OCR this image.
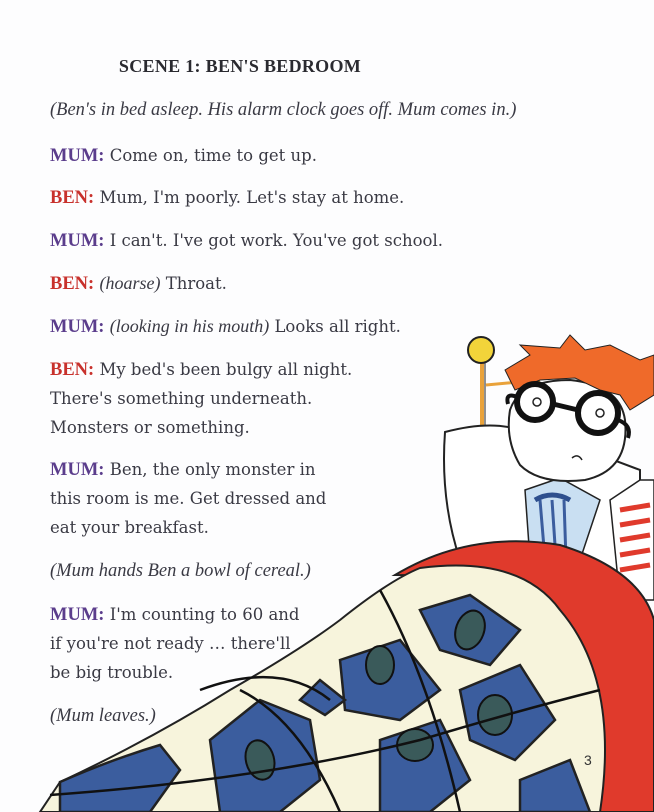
SCENE 1: BEN'S BEDROOM
(Ben's in bed asleep. His alarm clock goes off. Mum comes in.)
MUM: Come on, time to get up.
BEN: Mum, I'm poorly. Let's stay at home.
MUM: I can't. I've got work. You've got school.
BEN: (hoarse) Throat.
MUM: (looking in his mouth) Looks all right.
BEN: My bed's been bulgy all night.
There's something underneath.
Monsters or something.
MUM: Ben, the only monster in
this room is me. Get dressed and
eat your breakfast.
(Mum hands Ben a bowl of cereal.)
MUM: I'm counting to 60 and
if you're not ready … there'll
be big trouble.
(Mum leaves.)
3
